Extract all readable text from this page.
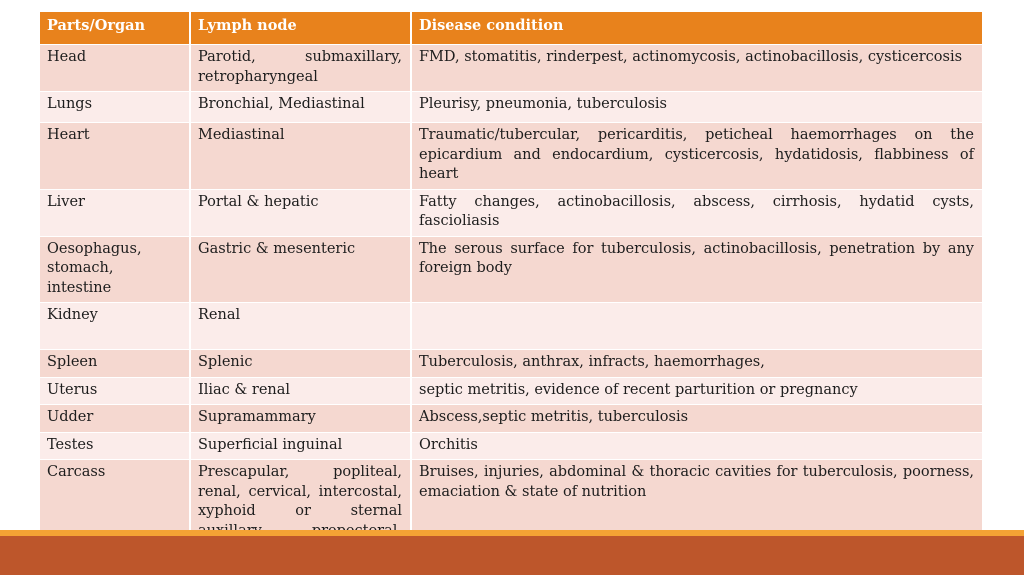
Parts/Organ	Lymph node	Disease condition
Head	Parotid, submaxillary, retropharyngeal	FMD, stomatitis, rinderpest, actinomycosis, actinobacillosis, cysticercosis
Lungs	Bronchial, Mediastinal	Pleurisy, pneumonia, tuberculosis
Heart	Mediastinal	Traumatic/tubercular, pericarditis, peticheal haemorrhages on the epicardium and endocardium, cysticercosis, hydatidosis, flabbiness of heart
Liver	Portal & hepatic	Fatty changes, actinobacillosis, abscess, cirrhosis, hydatid cysts, fascioliasis
Oesophagus, stomach, intestine	Gastric & mesenteric	The serous surface for tuberculosis, actinobacillosis, penetration by any foreign body
Kidney	Renal	
Spleen	Splenic	Tuberculosis, anthrax, infracts, haemorrhages,
Uterus	Iliac & renal	septic metritis, evidence of recent parturition or pregnancy
Udder	Supramammary	Abscess,septic metritis, tuberculosis
Testes	Superficial inguinal	Orchitis
Carcass	Prescapular, popliteal, renal, cervical, intercostal, xyphoid or sternal	Bruises, injuries, abdominal & thoracic cavities for tuberculosis, poorness, emaciation & state of nutrition
